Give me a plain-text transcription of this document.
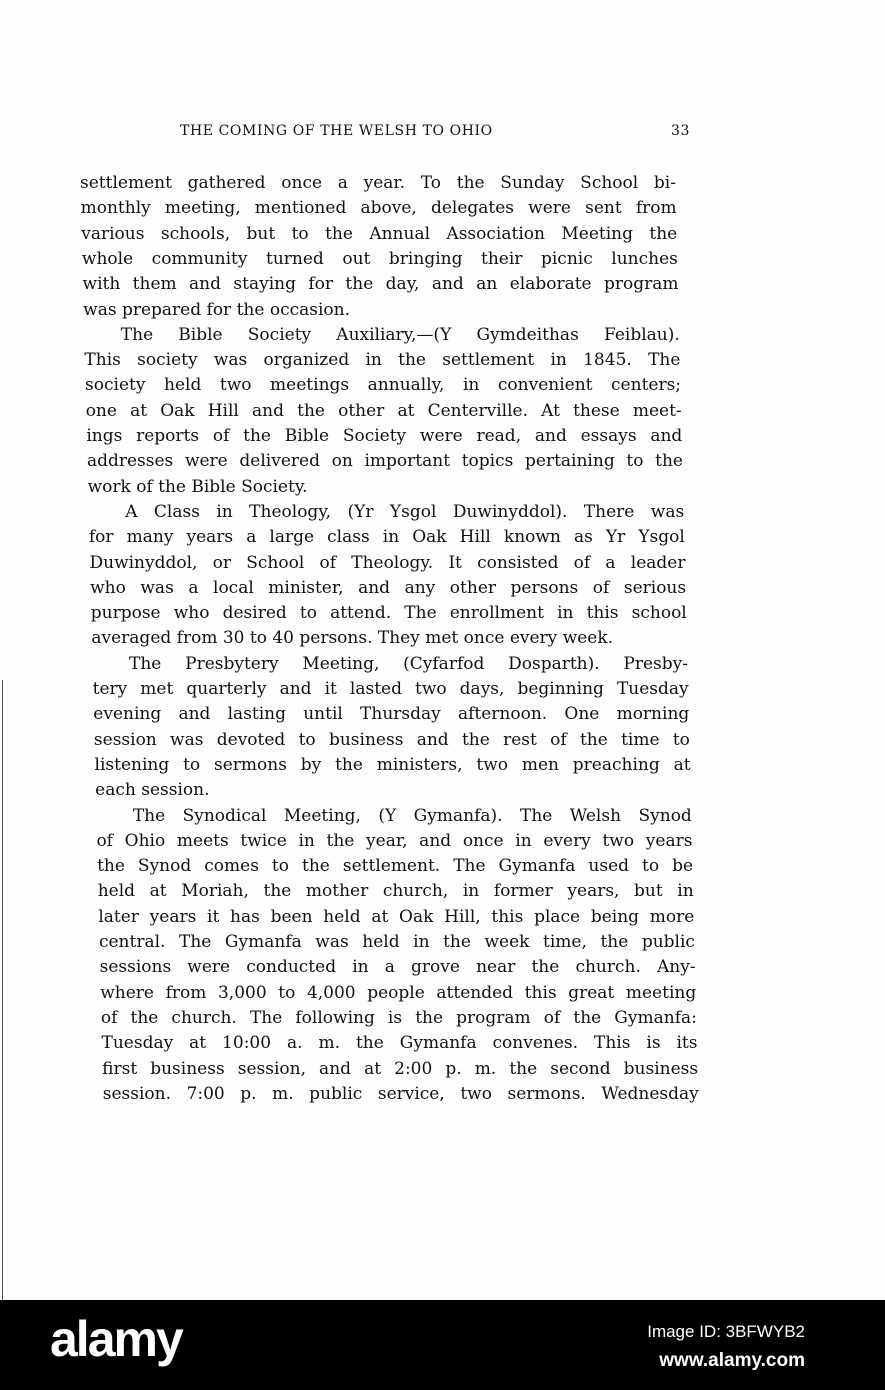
THE COMING OF THE WELSH TO OHIO	33
settlement gathered once a year. To the Sunday School bi-
monthly meeting, mentioned above, delegates were sent from
various schools, but to the Annual Association Meeting the
whole community turned out bringing their picnic lunches
with them and staying for the day, and an elaborate program
was prepared for the occasion.
The Bible Society Auxiliary,—(Y Gymdeithas Feiblau).
This society was organized in the settlement in 1845. The
society held two meetings annually, in convenient centers;
one at Oak Hill and the other at Centerville. At these meet-
ings reports of the Bible Society were read, and essays and
addresses were delivered on important topics pertaining to the
work of the Bible Society.
A Class in Theology, (Yr Ysgol Duwinyddol). There was
for many years a large class in Oak Hill known as Yr Ysgol
Duwinyddol, or School of Theology. It consisted of a leader
who was a local minister, and any other persons of serious
purpose who desired to attend. The enrollment in this school
averaged from 30 to 40 persons. They met once every week.
The Presbytery Meeting, (Cyfarfod Dosparth). Presby-
tery met quarterly and it lasted two days, beginning Tuesday
evening and lasting until Thursday afternoon. One morning
session was devoted to business and the rest of the time to
listening to sermons by the ministers, two men preaching at
each session.
The Synodical Meeting, (Y Gymanfa). The Welsh Synod
of Ohio meets twice in the year, and once in every two years
the Synod comes to the settlement. The Gymanfa used to be
held at Moriah, the mother church, in former years, but in
later years it has been held at Oak Hill, this place being more
central. The Gymanfa was held in the week time, the public
sessions were conducted in a grove near the church. Any-
where from 3,000 to 4,000 people attended this great meeting
of the church. The following is the program of the Gymanfa:
Tuesday at 10:00 a. m. the Gymanfa convenes. This is its
first business session, and at 2:00 p. m. the second business
session. 7:00 p. m. public service, two sermons. Wednesday
alamy	Image ID: 3BFWYB2
www.alamy.com
